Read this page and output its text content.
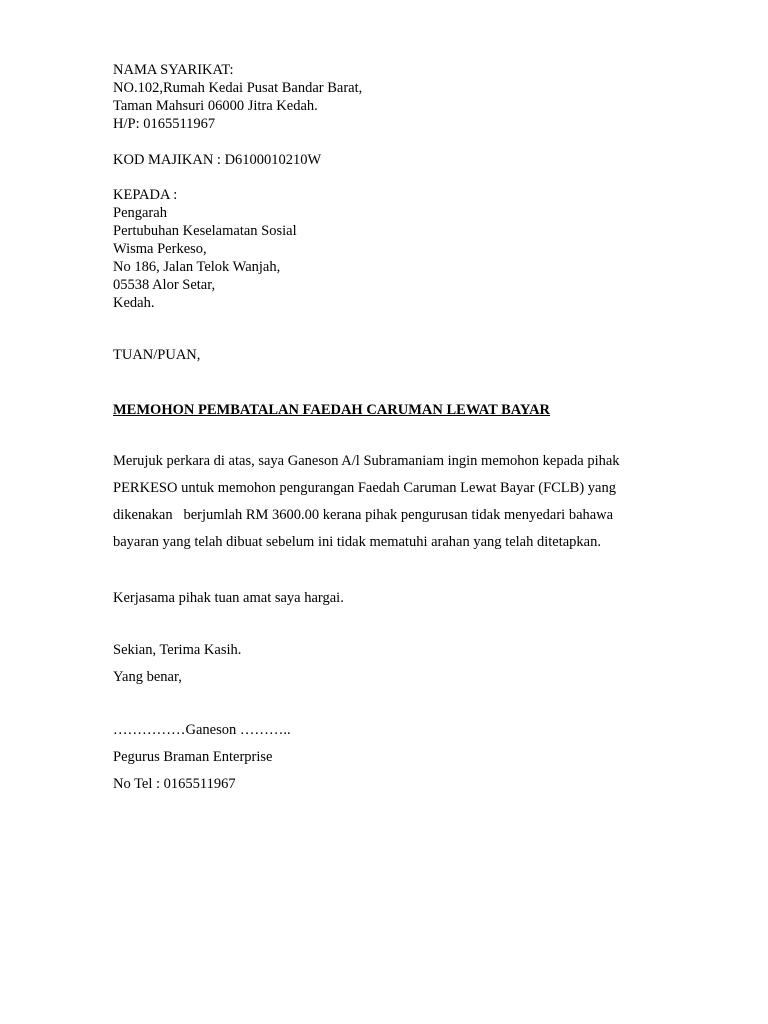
NAMA SYARIKAT:
NO.102,Rumah Kedai Pusat Bandar Barat,
Taman Mahsuri 06000 Jitra Kedah.
H/P: 0165511967
KOD MAJIKAN : D6100010210W
KEPADA :
Pengarah
Pertubuhan Keselamatan Sosial
Wisma Perkeso,
No 186, Jalan Telok Wanjah,
05538 Alor Setar,
Kedah.
TUAN/PUAN,
MEMOHON PEMBATALAN FAEDAH CARUMAN LEWAT BAYAR
Merujuk perkara di atas, saya Ganeson A/l Subramaniam ingin memohon kepada pihak
PERKESO untuk memohon pengurangan Faedah Caruman Lewat Bayar (FCLB) yang
dikenakan   berjumlah RM 3600.00 kerana pihak pengurusan tidak menyedari bahawa
bayaran yang telah dibuat sebelum ini tidak mematuhi arahan yang telah ditetapkan.
Kerjasama pihak tuan amat saya hargai.
Sekian, Terima Kasih.
Yang benar,
……………Ganeson ………..
Pegurus Braman Enterprise
No Tel : 0165511967
